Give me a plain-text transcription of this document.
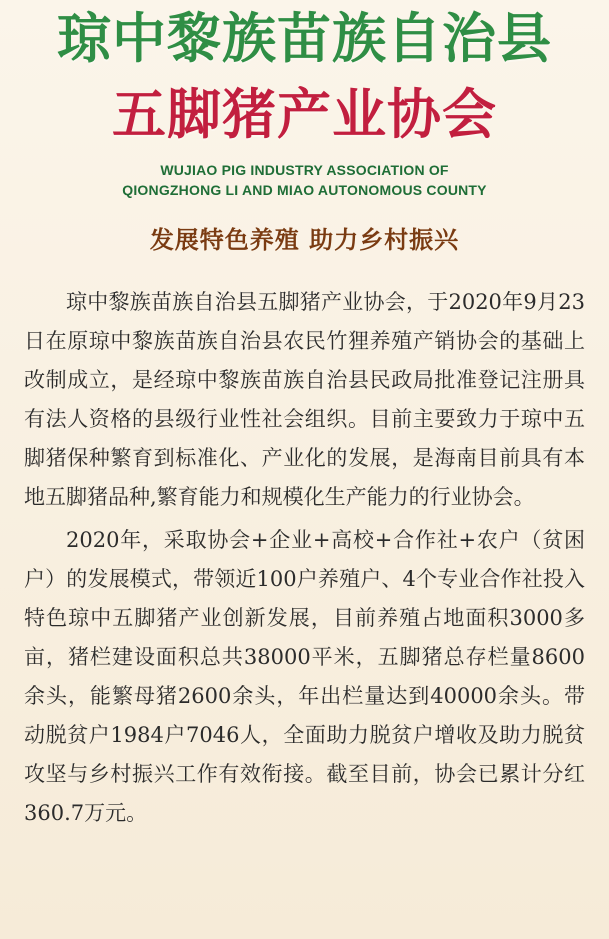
琼中黎族苗族自治县
五脚猪产业协会
WUJIAO PIG INDUSTRY ASSOCIATION OF
QIONGZHONG LI AND MIAO AUTONOMOUS COUNTY
发展特色养殖 助力乡村振兴

琼中黎族苗族自治县五脚猪产业协会，于2020年9月23日在原琼中黎族苗族自治县农民竹狸养殖产销协会的基础上改制成立，是经琼中黎族苗族自治县民政局批准登记注册具有法人资格的县级行业性社会组织。目前主要致力于琼中五脚猪保种繁育到标准化、产业化的发展，是海南目前具有本地五脚猪品种,繁育能力和规模化生产能力的行业协会。

2020年，采取协会+企业+高校+合作社+农户（贫困户）的发展模式，带领近100户养殖户、4个专业合作社投入特色琼中五脚猪产业创新发展，目前养殖占地面积3000多亩，猪栏建设面积总共38000平米，五脚猪总存栏量8600余头，能繁母猪2600余头，年出栏量达到40000余头。带动脱贫户1984户7046人，全面助力脱贫户增收及助力脱贫攻坚与乡村振兴工作有效衔接。截至目前，协会已累计分红360.7万元。
